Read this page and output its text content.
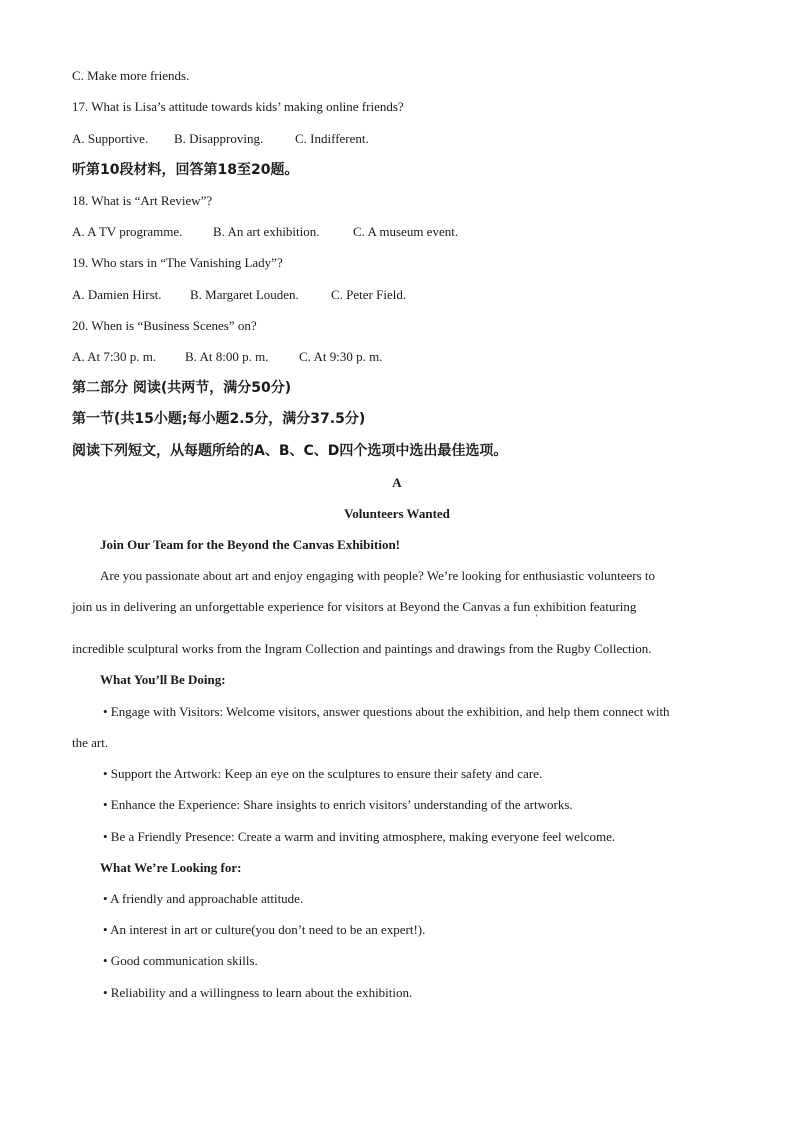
C. Make more friends.
17. What is Lisa’s attitude towards kids’ making online friends?
A. Supportive. B. Disapproving. C. Indifferent.
听第10段材料，回答第18至20题。
18. What is “Art Review”?
A. A TV programme. B. An art exhibition.	C. A museum event.
19. Who stars in “The Vanishing Lady”?
A. Damien Hirst. B. Margaret Louden. C. Peter Field.
20. When is “Business Scenes” on?
A. At 7:30 p. m. B. At 8:00 p. m. C. At 9:30 p. m.
第二部分 阅读(共两节，满分50分)
第一节(共15小题;每小题2.5分，满分37.5分)
阅读下列短文，从每题所给的A、B、C、D四个选项中选出最佳选项。
A
Volunteers Wanted
Join Our Team for the Beyond the Canvas Exhibition!
Are you passionate about art and enjoy engaging with people? We’re looking for enthusiastic volunteers to
join us in delivering an unforgettable experience for visitors at Beyond the Canvas a fun exhibition featuring
'
incredible sculptural works from the Ingram Collection and paintings and drawings from the Rugby Collection.
What You’ll Be Doing:
• Engage with Visitors: Welcome visitors, answer questions about the exhibition, and help them connect with
the art.
• Support the Artwork: Keep an eye on the sculptures to ensure their safety and care.
• Enhance the Experience: Share insights to enrich visitors’ understanding of the artworks.
• Be a Friendly Presence: Create a warm and inviting atmosphere, making everyone feel welcome.
What We’re Looking for:
• A friendly and approachable attitude.
• An interest in art or culture(you don’t need to be an expert!).
• Good communication skills.
• Reliability and a willingness to learn about the exhibition.
